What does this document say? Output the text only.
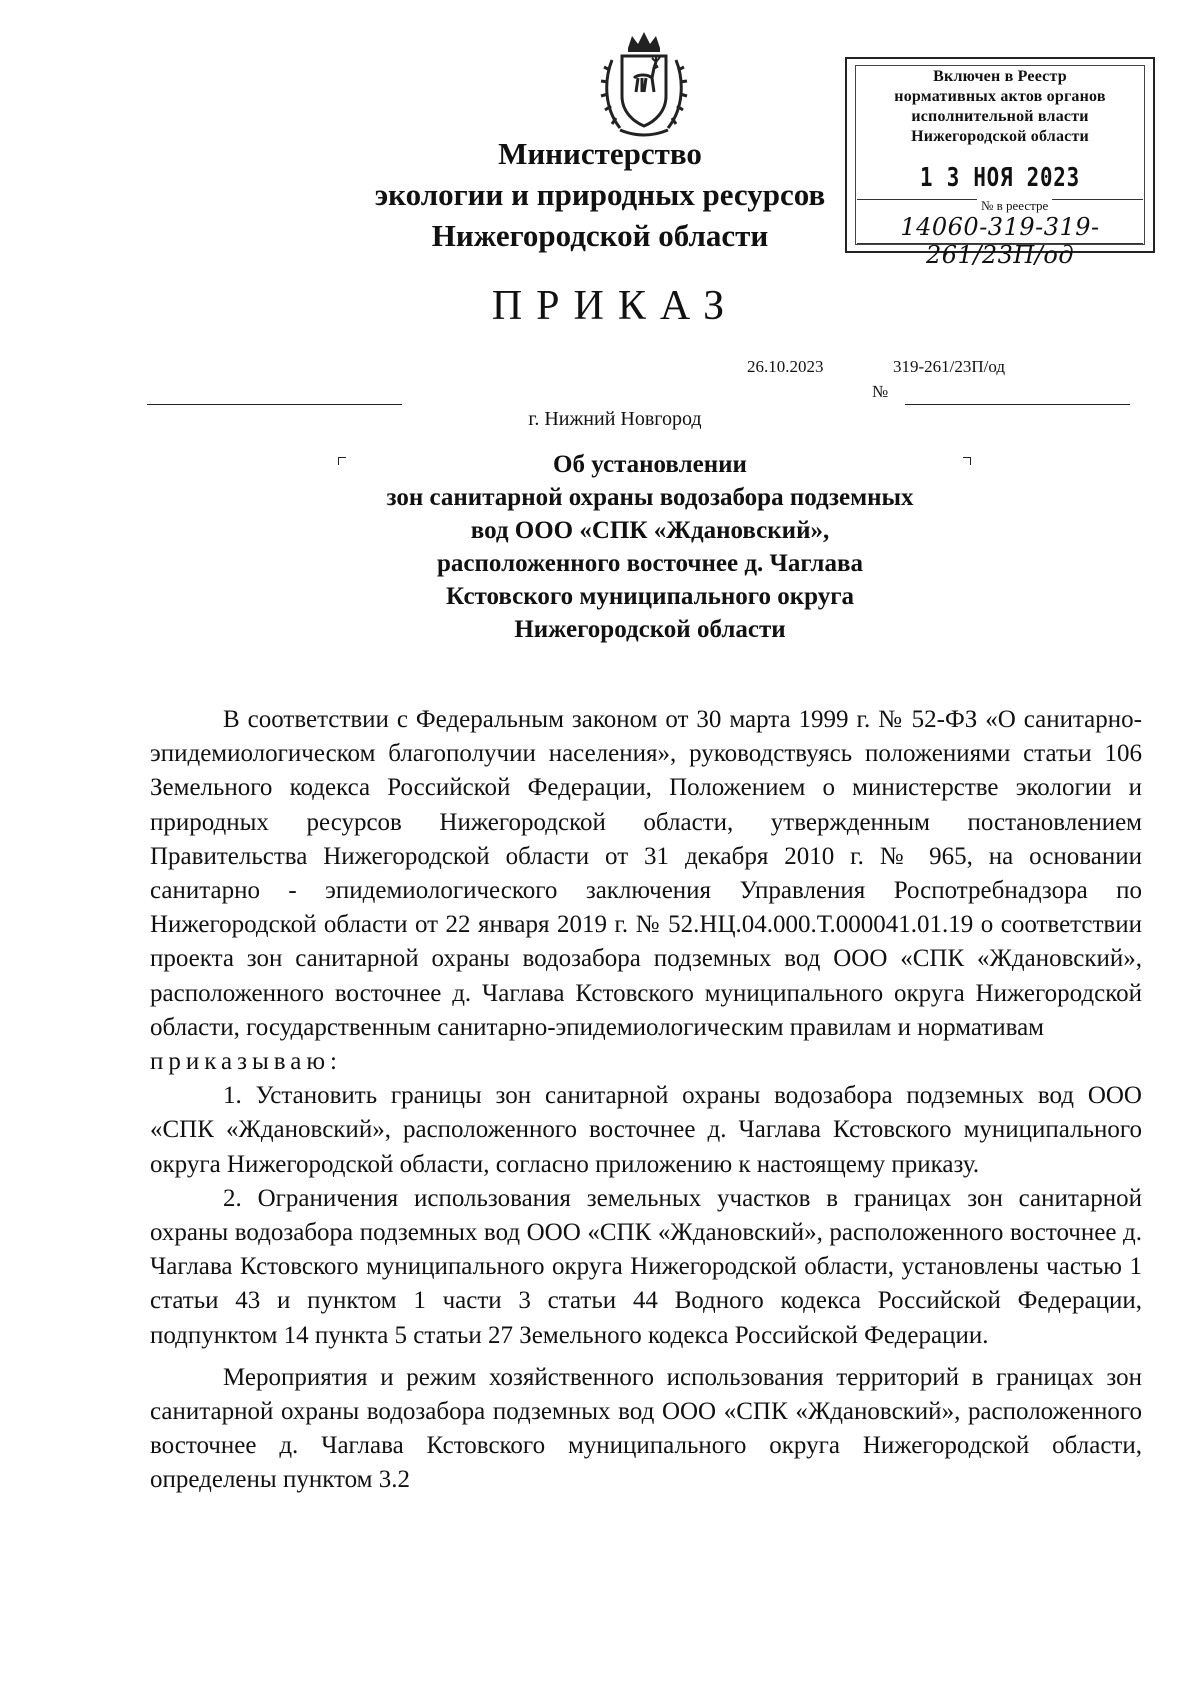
Министерство
экологии и природных ресурсов
Нижегородской области
Включен в Реестр
нормативных актов органов
исполнительной власти
Нижегородской области
1 3 НОЯ 2023
№ в реестре
14060-319-319-261/23П/од
ПРИКАЗ
26.10.2023	319-261/23П/од
№
г. Нижний Новгород
Об установлении
зон санитарной охраны водозабора подземных
вод ООО «СПК «Ждановский»,
расположенного восточнее д. Чаглава
Кстовского муниципального округа
Нижегородской области

В соответствии с Федеральным законом от 30 марта 1999 г. № 52-ФЗ «О санитарно-эпидемиологическом благополучии населения», руководствуясь положениями статьи 106 Земельного кодекса Российской Федерации, Положением о министерстве экологии и природных ресурсов Нижегородской области, утвержденным постановлением Правительства Нижегородской области от 31 декабря 2010 г. № 965, на основании санитарно - эпидемиологического заключения Управления Роспотребнадзора по Нижегородской области от 22 января 2019 г. № 52.НЦ.04.000.Т.000041.01.19 о соответствии проекта зон санитарной охраны водозабора подземных вод ООО «СПК «Ждановский», расположенного восточнее д. Чаглава Кстовского муниципального округа Нижегородской области, государственным санитарно-эпидемиологическим правилам и нормативам

приказываю:

1. Установить границы зон санитарной охраны водозабора подземных вод ООО «СПК «Ждановский», расположенного восточнее д. Чаглава Кстовского муниципального округа Нижегородской области, согласно приложению к настоящему приказу.

2. Ограничения использования земельных участков в границах зон санитарной охраны водозабора подземных вод ООО «СПК «Ждановский», расположенного восточнее д. Чаглава Кстовского муниципального округа Нижегородской области, установлены частью 1 статьи 43 и пунктом 1 части 3 статьи 44 Водного кодекса Российской Федерации, подпунктом 14 пункта 5 статьи 27 Земельного кодекса Российской Федерации.

Мероприятия и режим хозяйственного использования территорий в границах зон санитарной охраны водозабора подземных вод ООО «СПК «Ждановский», расположенного восточнее д. Чаглава Кстовского муниципального округа Нижегородской области, определены пунктом 3.2
